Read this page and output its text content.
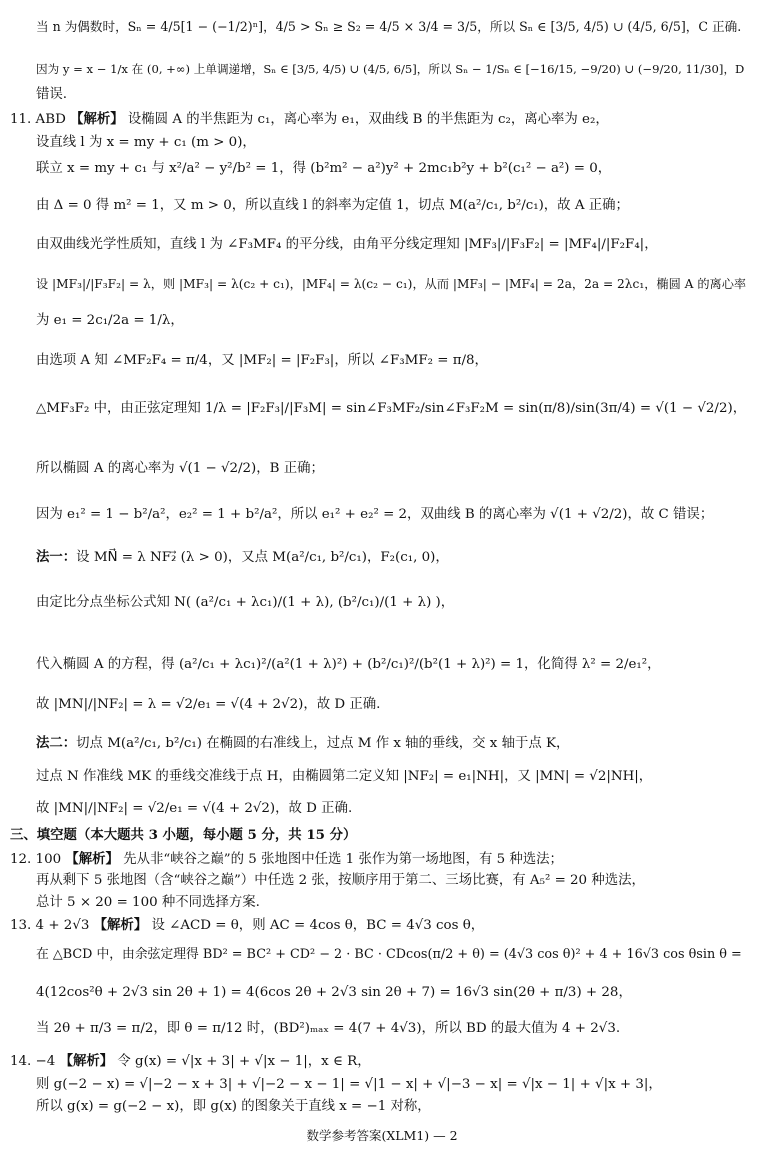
当 n 为偶数时，Sₙ = 4/5[1 − (−1/2)ⁿ]，4/5 > Sₙ ≥ S₂ = 4/5 × 3/4 = 3/5，所以 Sₙ ∈ [3/5, 4/5) ∪ (4/5, 6/5]，C 正确.
因为 y = x − 1/x 在 (0, +∞) 上单调递增，Sₙ ∈ [3/5, 4/5) ∪ (4/5, 6/5]，所以 Sₙ − 1/Sₙ ∈ [−16/15, −9/20) ∪ (−9/20, 11/30]，D
错误.
11. ABD 【解析】 设椭圆 A 的半焦距为 c₁，离心率为 e₁，双曲线 B 的半焦距为 c₂，离心率为 e₂，
设直线 l 为 x = my + c₁ (m > 0)，
联立 x = my + c₁ 与 x²/a² − y²/b² = 1，得 (b²m² − a²)y² + 2mc₁b²y + b²(c₁² − a²) = 0，
由 Δ = 0 得 m² = 1，又 m > 0，所以直线 l 的斜率为定值 1，切点 M(a²/c₁, b²/c₁)，故 A 正确；
由双曲线光学性质知，直线 l 为 ∠F₃MF₄ 的平分线，由角平分线定理知 |MF₃|/|F₃F₂| = |MF₄|/|F₂F₄|，
设 |MF₃|/|F₃F₂| = λ，则 |MF₃| = λ(c₂ + c₁)，|MF₄| = λ(c₂ − c₁)，从而 |MF₃| − |MF₄| = 2a，2a = 2λc₁，椭圆 A 的离心率
为 e₁ = 2c₁/2a = 1/λ，
由选项 A 知 ∠MF₂F₄ = π/4，又 |MF₂| = |F₂F₃|，所以 ∠F₃MF₂ = π/8，
△MF₃F₂ 中，由正弦定理知 1/λ = |F₂F₃|/|F₃M| = sin∠F₃MF₂/sin∠F₃F₂M = sin(π/8)/sin(3π/4) = √(1 − √2/2)，
所以椭圆 A 的离心率为 √(1 − √2/2)，B 正确；
因为 e₁² = 1 − b²/a²，e₂² = 1 + b²/a²，所以 e₁² + e₂² = 2，双曲线 B 的离心率为 √(1 + √2/2)，故 C 错误；
法一：设 MN⃗ = λ NF₂⃗ (λ > 0)，又点 M(a²/c₁, b²/c₁)，F₂(c₁, 0)，
由定比分点坐标公式知 N( (a²/c₁ + λc₁)/(1 + λ), (b²/c₁)/(1 + λ) )，
代入椭圆 A 的方程，得 (a²/c₁ + λc₁)²/(a²(1 + λ)²) + (b²/c₁)²/(b²(1 + λ)²) = 1，化简得 λ² = 2/e₁²，
故 |MN|/|NF₂| = λ = √2/e₁ = √(4 + 2√2)，故 D 正确.
法二：切点 M(a²/c₁, b²/c₁) 在椭圆的右准线上，过点 M 作 x 轴的垂线，交 x 轴于点 K，
过点 N 作准线 MK 的垂线交准线于点 H，由椭圆第二定义知 |NF₂| = e₁|NH|，又 |MN| = √2|NH|，
故 |MN|/|NF₂| = √2/e₁ = √(4 + 2√2)，故 D 正确.
三、填空题（本大题共 3 小题，每小题 5 分，共 15 分）
12. 100 【解析】 先从非“峡谷之巅”的 5 张地图中任选 1 张作为第一场地图，有 5 种选法；
再从剩下 5 张地图（含“峡谷之巅”）中任选 2 张，按顺序用于第二、三场比赛，有 A₅² = 20 种选法，
总计 5 × 20 = 100 种不同选择方案.
13. 4 + 2√3 【解析】 设 ∠ACD = θ，则 AC = 4cos θ，BC = 4√3 cos θ，
在 △BCD 中，由余弦定理得 BD² = BC² + CD² − 2 · BC · CDcos(π/2 + θ) = (4√3 cos θ)² + 4 + 16√3 cos θsin θ =
4(12cos²θ + 2√3 sin 2θ + 1) = 4(6cos 2θ + 2√3 sin 2θ + 7) = 16√3 sin(2θ + π/3) + 28，
当 2θ + π/3 = π/2，即 θ = π/12 时，(BD²)ₘₐₓ = 4(7 + 4√3)，所以 BD 的最大值为 4 + 2√3.
14. −4 【解析】 令 g(x) = √|x + 3| + √|x − 1|，x ∈ R，
则 g(−2 − x) = √|−2 − x + 3| + √|−2 − x − 1| = √|1 − x| + √|−3 − x| = √|x − 1| + √|x + 3|，
所以 g(x) = g(−2 − x)，即 g(x) 的图象关于直线 x = −1 对称，
数学参考答案(XLM1) — 2
